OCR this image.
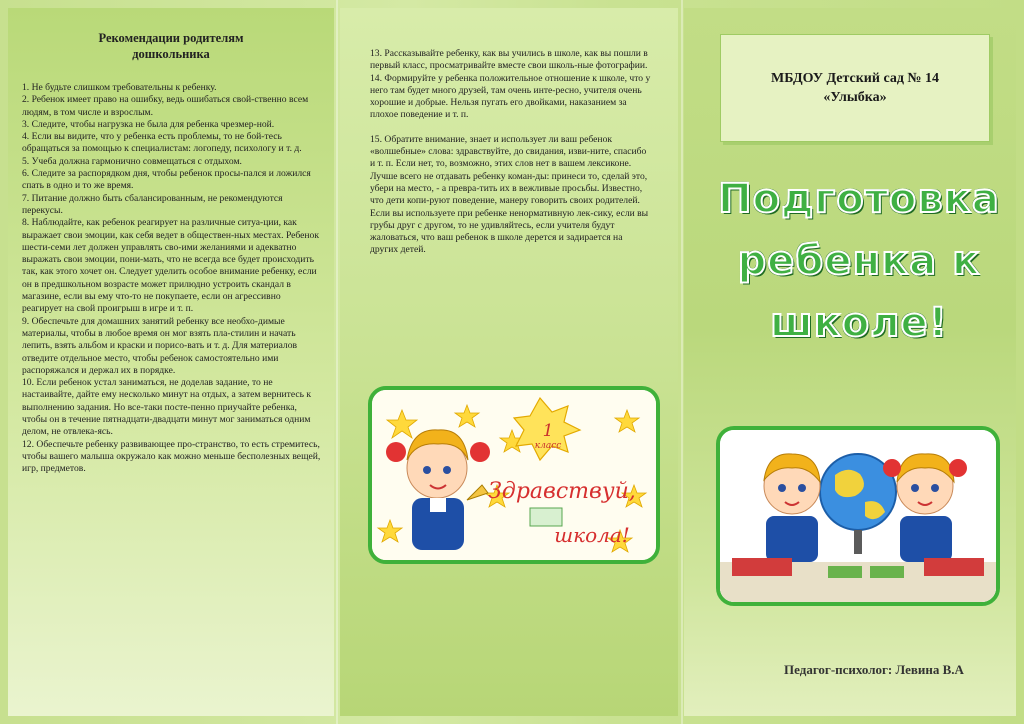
Рекомендации родителям
дошкольника

1. Не будьте слишком требовательны к ребенку.

2. Ребенок имеет право на ошибку, ведь ошибаться свой-ственно всем людям, в том числе и взрослым.

3. Следите, чтобы нагрузка не была для ребенка чрезмер-ной.

4. Если вы видите, что у ребенка есть проблемы, то не бой-тесь обращаться за помощью к специалистам: логопеду, психологу и т. д.

5. Учеба должна гармонично совмещаться с отдыхом.

6. Следите за распорядком дня, чтобы ребенок просы-пался и ложился спать в одно и то же время.

7. Питание должно быть сбалансированным, не рекомендуются перекусы.

8. Наблюдайте, как ребенок реагирует на различные ситуа-ции, как выражает свои эмоции, как себя ведет в обществен-ных местах. Ребенок шести-семи лет должен управлять сво-ими желаниями и адекватно выражать свои эмоции, пони-мать, что не всегда все будет происходить так, как этого хочет он. Следует уделить особое внимание ребенку, если он в предшкольном возрасте может прилюдно устроить скандал в магазине, если вы ему что-то не покупаете, если он агрессивно реагирует на свой проигрыш в игре и т. п.

9. Обеспечьте для домашних занятий ребенку все необхо-димые материалы, чтобы в любое время он мог взять пла-стилин и начать лепить, взять альбом и краски и порисо-вать и т. д. Для материалов отведите отдельное место, чтобы ребенок самостоятельно ими распоряжался и держал их в порядке.

10. Если ребенок устал заниматься, не доделав задание, то не настаивайте, дайте ему несколько минут на отдых, а затем вернитесь к выполнению задания. Но все-таки посте-пенно приучайте ребенка, чтобы он в течение пятнадцати-двадцати минут мог заниматься одним делом, не отвлека-ясь.

12. Обеспечьте ребенку развивающее про-странство, то есть стремитесь, чтобы вашего малыша окружало как можно меньше бесполезных вещей, игр, предметов.

13. Рассказывайте ребенку, как вы учились в школе, как вы пошли в первый класс, просматривайте вместе свои школь-ные фотографии.

14. Формируйте у ребенка положительное отношение к школе, что у него там будет много друзей, там очень инте-ресно, учителя очень хорошие и добрые. Нельзя пугать его двойками, наказанием за плохое поведение и т. п.

15. Обратите внимание, знает и использует ли ваш ребенок «волшебные» слова: здравствуйте, до свидания, изви-ните, спасибо и т. п. Если нет, то, возможно, этих слов нет в вашем лексиконе. Лучше всего не отдавать ребенку коман-ды: принеси то, сделай это, убери на место, - а превра-тить их в вежливые просьбы. Известно, что дети копи-руют поведение, манеру говорить своих родителей. Если вы используете при ребенке ненормативную лек-сику, если вы грубы друг с другом, то не удивляйтесь, если учителя будут жаловаться, что ваш ребенок в школе дерется и задирается на других детей.

1
класс
Здравствуй,
школа!
МБДОУ Детский сад № 14
«Улыбка»
Подготовка
ребенка к
школе!
Педагог-психолог: Левина В.А
